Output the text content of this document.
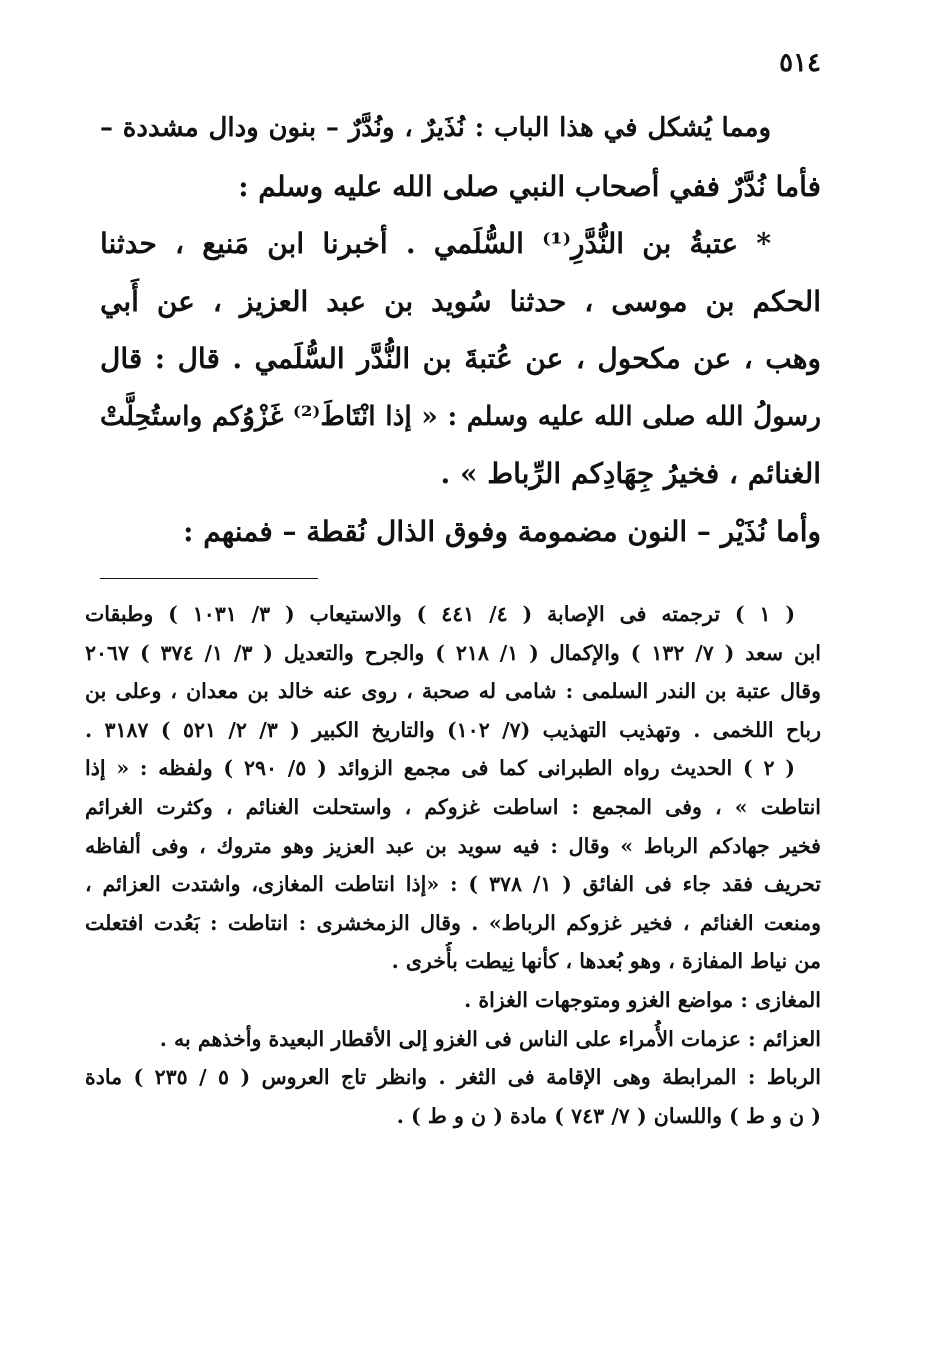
٥١٤
ومما يُشكل في هذا الباب : نُذَيرٌ ، ونُدَّرٌ – بنون ودال مشددة –
فأما نُدَّرٌ ففي أصحاب النبي صلى الله عليه وسلم :
* عتبةُ بن النُّدَّرِ⁽¹⁾ السُّلَمي . أخبرنا ابن مَنيع ، حدثنا
الحكم بن موسى ، حدثنا سُويد بن عبد العزيز ، عن أَبي
وهب ، عن مكحول ، عن عُتبةَ بن النُّدَّر السُّلَمي . قال : قال
رسولُ الله صلى الله عليه وسلم : « إذا انْتَاطَ⁽²⁾ غَزْوُكم واستُحِلَّتْ
الغنائم ، فخيرُ جِهَادِكم الرِّباط » .
وأما نُذَيْر – النون مضمومة وفوق الذال نُقطة – فمنهم :
( ١ ) ترجمته فى الإصابة ( ٤/ ٤٤١ ) والاستيعاب ( ٣/ ١٠٣١ ) وطبقات
ابن سعد ( ٧/ ١٣٢ ) والإكمال ( ١/ ٢١٨ ) والجرح والتعديل ( ٣/ ١/ ٣٧٤ ) ٢٠٦٧
وقال عتبة بن الندر السلمى : شامى له صحبة ، روى عنه خالد بن معدان ، وعلى بن
رباح اللخمى . وتهذيب التهذيب (٧/ ١٠٢) والتاريخ الكبير ( ٣/ ٢/ ٥٢١ ) ٣١٨٧ .
( ٢ ) الحديث رواه الطبرانى كما فى مجمع الزوائد ( ٥/ ٢٩٠ ) ولفظه : « إذا
انتاطت » ، وفى المجمع : اساطت غزوكم ، واستحلت الغنائم ، وكثرت الغرائم
فخير جهادكم الرباط » وقال : فيه سويد بن عبد العزيز وهو متروك ، وفى ألفاظه
تحريف فقد جاء فى الفائق ( ١/ ٣٧٨ ) : «إذا انتاطت المغازى، واشتدت العزائم ،
ومنعت الغنائم ، فخير غزوكم الرباط» . وقال الزمخشرى : انتاطت : بَعُدت افتعلت
من نياط المفازة ، وهو بُعدها ، كأنها نِيطت بأُخرى .
المغازى : مواضع الغزو ومتوجهات الغزاة .
العزائم : عزمات الأُمراء على الناس فى الغزو إلى الأقطار البعيدة وأخذهم به .
الرباط : المرابطة وهى الإقامة فى الثغر . وانظر تاج العروس ( ٥ / ٢٣٥ ) مادة
( ن و ط ) واللسان ( ٧/ ٧٤٣ ) مادة ( ن و ط ) .
